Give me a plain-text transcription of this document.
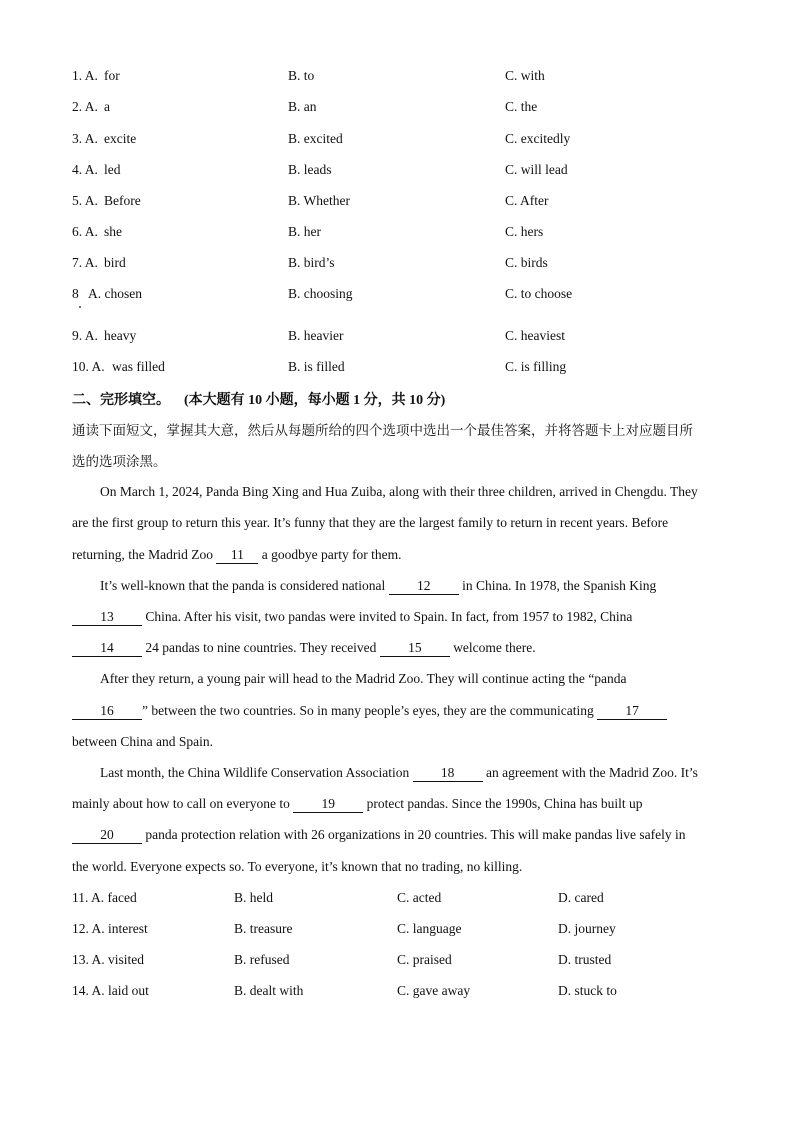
1. A. for	B. to	C. with
2. A. a	B. an	C. the
3. A. excite	B. excited	C. excitedly
4. A. led	B. leads	C. will lead
5. A. Before	B. Whether	C. After
6. A. she	B. her	C. hers
7. A. bird	B. bird’s	C. birds
8 A. chosen	B. choosing	C. to choose
9. A. heavy	B. heavier	C. heaviest
10. A. was filled	B. is filled	C. is filling
二、完形填空。 (本大题有 10 小题，每小题 1 分，共 10 分)
通读下面短文，掌握其大意，然后从每题所给的四个选项中选出一个最佳答案，并将答题卡上对应题目所
选的选项涂黑。
On March 1, 2024, Panda Bing Xing and Hua Zuiba, along with their three children, arrived in Chengdu. They
are the first group to return this year. It’s funny that they are the largest family to return in recent years. Before
returning, the Madrid Zoo 11 a goodbye party for them.
It’s well-known that the panda is considered national 12 in China. In 1978, the Spanish King
13 China. After his visit, two pandas were invited to Spain. In fact, from 1957 to 1982, China
14 24 pandas to nine countries. They received 15 welcome there.
After they return, a young pair will head to the Madrid Zoo. They will continue acting the “panda
16 ” between the two countries. So in many people’s eyes, they are the communicating 17
between China and Spain.
Last month, the China Wildlife Conservation Association 18 an agreement with the Madrid Zoo. It’s
mainly about how to call on everyone to 19 protect pandas. Since the 1990s, China has built up
20 panda protection relation with 26 organizations in 20 countries. This will make pandas live safely in
the world. Everyone expects so. To everyone, it’s known that no trading, no killing.
11. A. faced	B. held	C. acted	D. cared
12. A. interest	B. treasure	C. language	D. journey
13. A. visited	B. refused	C. praised	D. trusted
14. A. laid out	B. dealt with	C. gave away	D. stuck to
